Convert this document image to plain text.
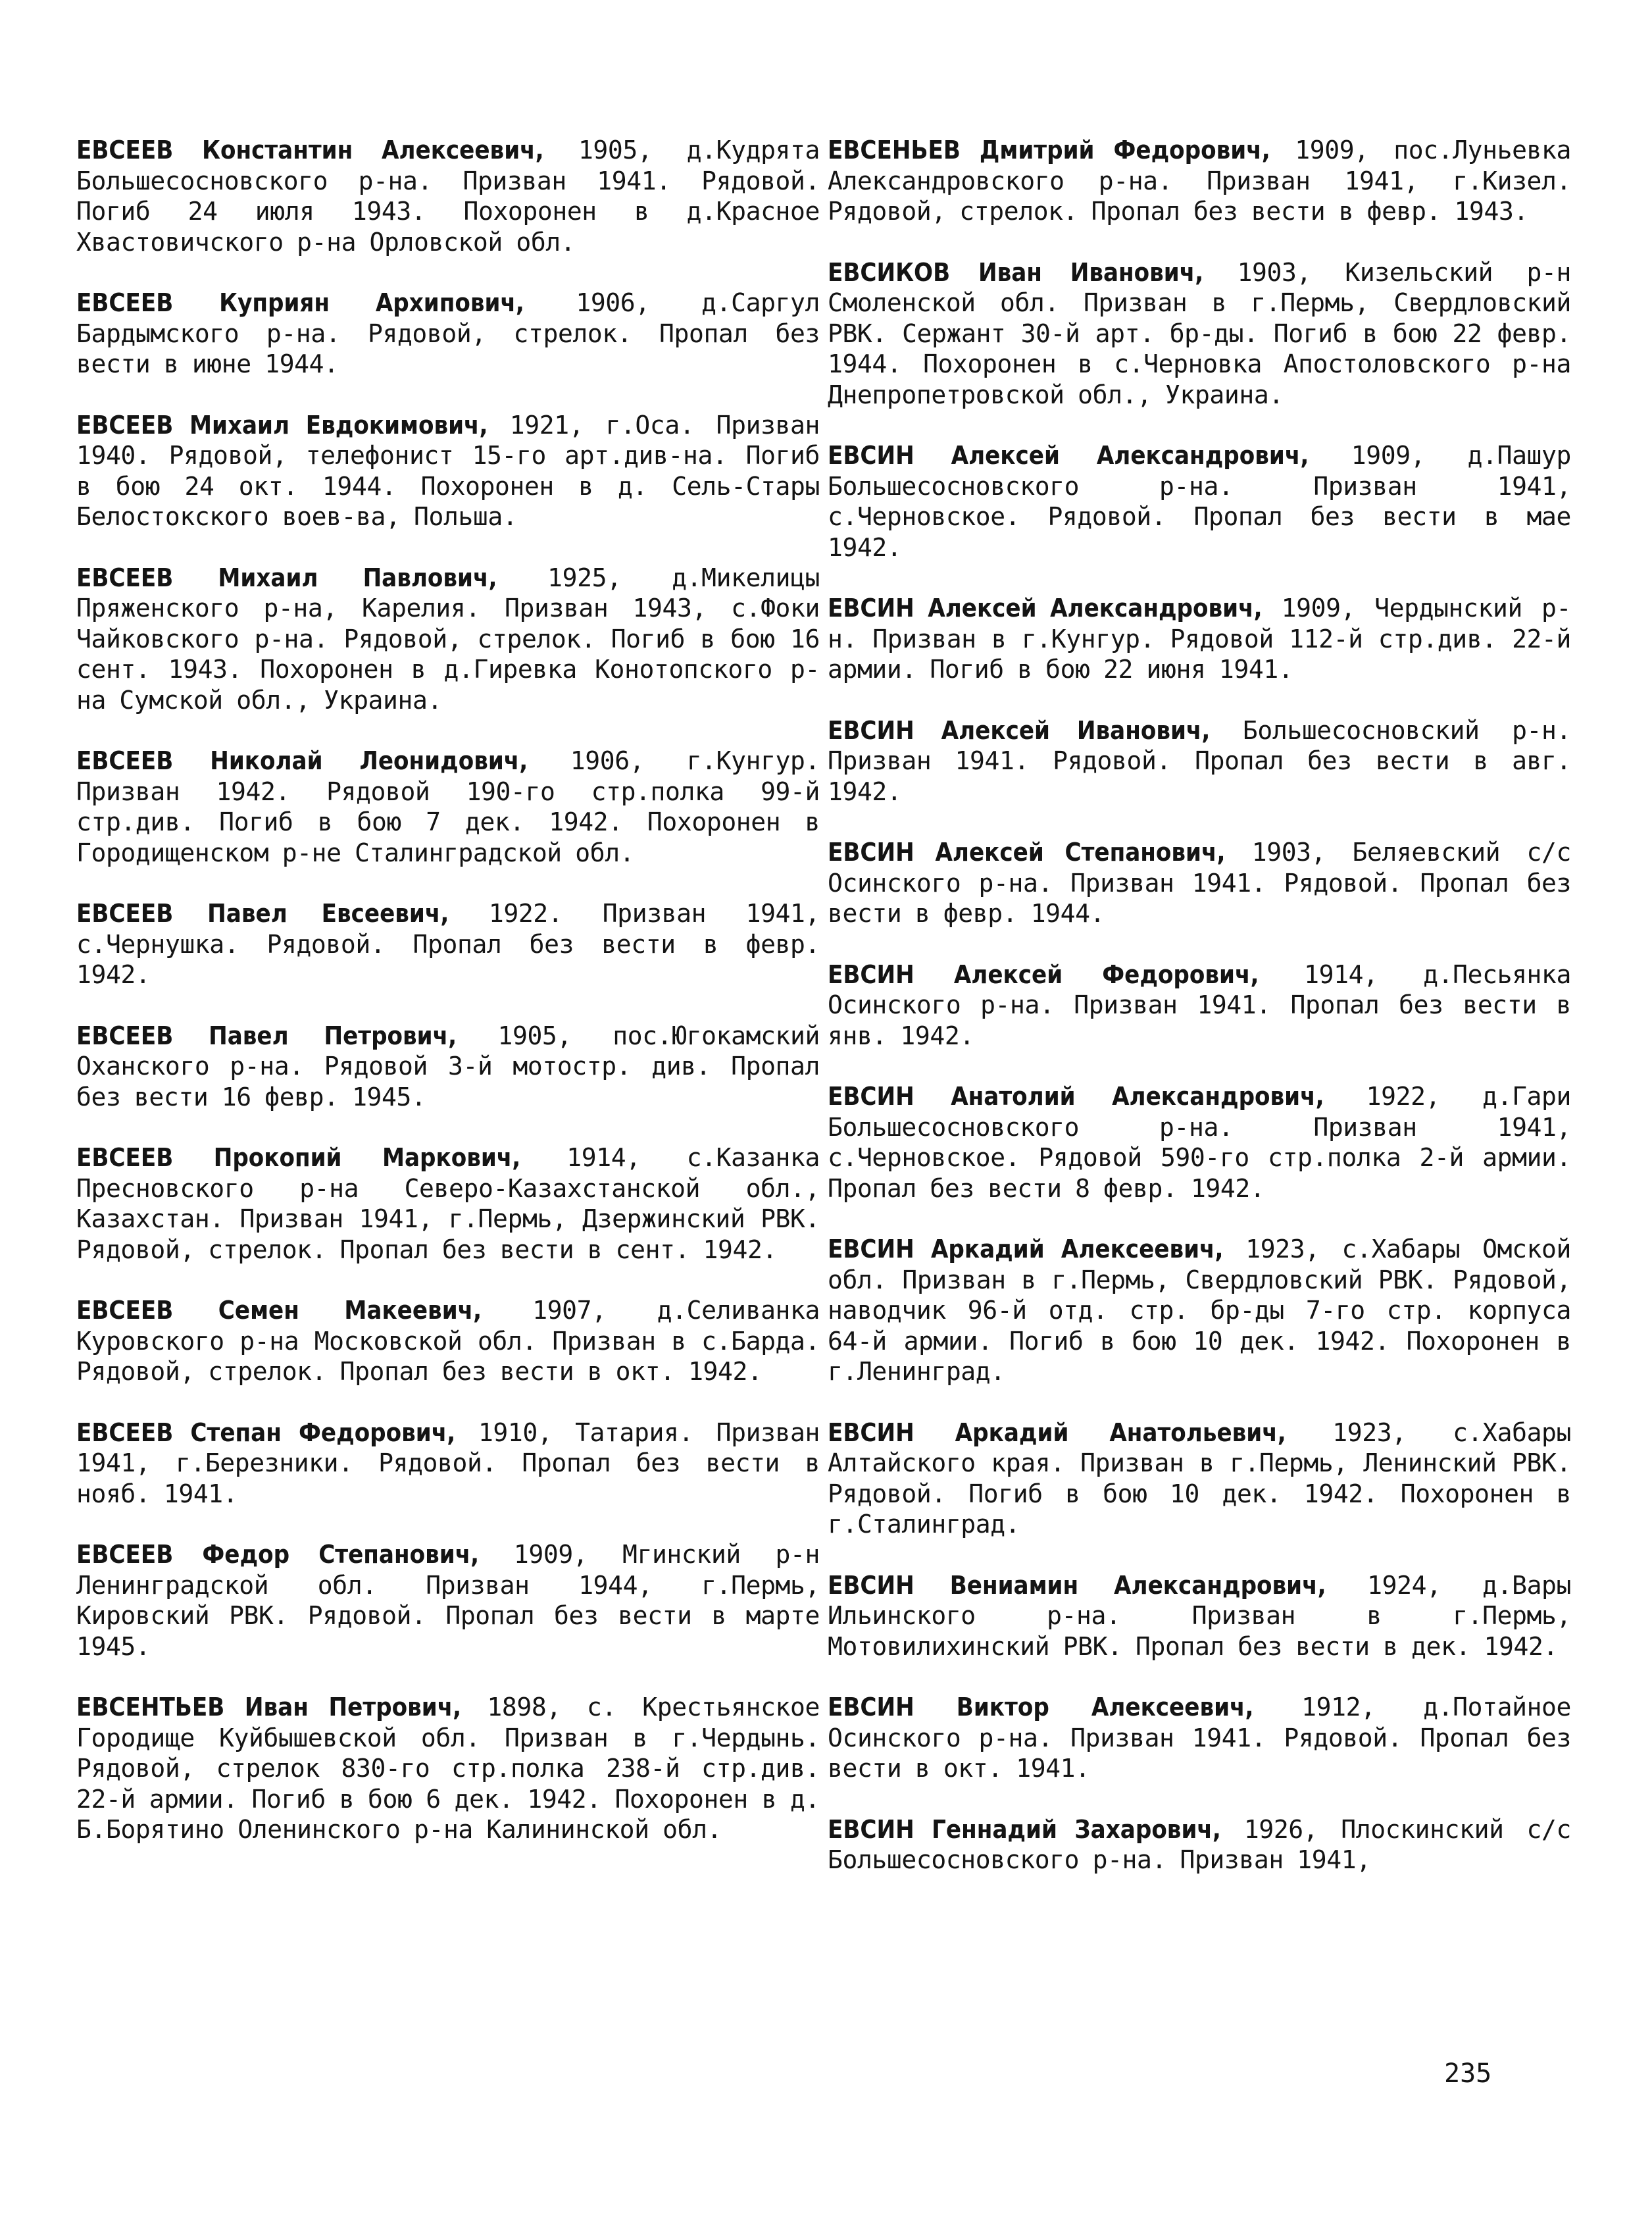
ЕВСЕЕВ Константин Алексеевич, 1905, д.Кудрята Большесосновского р-на. Призван 1941. Рядовой. Погиб 24 июля 1943. Похоронен в д.Красное Хвастовичского р-на Орловской обл.

ЕВСЕЕВ Куприян Архипович, 1906, д.Саргул Бардымского р-на. Рядовой, стрелок. Пропал без вести в июне 1944.

ЕВСЕЕВ Михаил Евдокимович, 1921, г.Оса. Призван 1940. Рядовой, телефонист 15-го арт.див-на. Погиб в бою 24 окт. 1944. Похоронен в д. Сель-Стары Белостокского воев-ва, Польша.

ЕВСЕЕВ Михаил Павлович, 1925, д.Микелицы Пряженского р-на, Карелия. Призван 1943, с.Фоки Чайковского р-на. Рядовой, стрелок. Погиб в бою 16 сент. 1943. Похоронен в д.Гиревка Конотопского р-на Сумской обл., Украина.

ЕВСЕЕВ Николай Леонидович, 1906, г.Кунгур. Призван 1942. Рядовой 190-го стр.полка 99-й стр.див. Погиб в бою 7 дек. 1942. Похоронен в Городищенском р-не Сталинградской обл.

ЕВСЕЕВ Павел Евсеевич, 1922. Призван 1941, с.Чернушка. Рядовой. Пропал без вести в февр. 1942.

ЕВСЕЕВ Павел Петрович, 1905, пос.Югокамский Оханского р-на. Рядовой 3-й мотостр. див. Пропал без вести 16 февр. 1945.

ЕВСЕЕВ Прокопий Маркович, 1914, с.Казанка Пресновского р-на Северо-Казахстанской обл., Казахстан. Призван 1941, г.Пермь, Дзержинский РВК. Рядовой, стрелок. Пропал без вести в сент. 1942.

ЕВСЕЕВ Семен Макеевич, 1907, д.Селиванка Куровского р-на Московской обл. Призван в с.Барда. Рядовой, стрелок. Пропал без вести в окт. 1942.

ЕВСЕЕВ Степан Федорович, 1910, Татария. Призван 1941, г.Березники. Рядовой. Пропал без вести в нояб. 1941.

ЕВСЕЕВ Федор Степанович, 1909, Мгинский р-н Ленинградской обл. Призван 1944, г.Пермь, Кировский РВК. Рядовой. Пропал без вести в марте 1945.

ЕВСЕНТЬЕВ Иван Петрович, 1898, с. Крестьянское Городище Куйбышевской обл. Призван в г.Чердынь. Рядовой, стрелок 830-го стр.полка 238-й стр.див. 22-й армии. Погиб в бою 6 дек. 1942. Похоронен в д. Б.Борятино Оленинского р-на Калининской обл.

ЕВСЕНЬЕВ Дмитрий Федорович, 1909, пос.Луньевка Александровского р-на. Призван 1941, г.Кизел. Рядовой, стрелок. Пропал без вести в февр. 1943.

ЕВСИКОВ Иван Иванович, 1903, Кизельский р-н Смоленской обл. Призван в г.Пермь, Свердловский РВК. Сержант 30-й арт. бр-ды. Погиб в бою 22 февр. 1944. Похоронен в с.Черновка Апостоловского р-на Днепропетровской обл., Украина.

ЕВСИН Алексей Александрович, 1909, д.Пашур Большесосновского р-на. Призван 1941, с.Черновское. Рядовой. Пропал без вести в мае 1942.

ЕВСИН Алексей Александрович, 1909, Чердынский р-н. Призван в г.Кунгур. Рядовой 112-й стр.див. 22-й армии. Погиб в бою 22 июня 1941.

ЕВСИН Алексей Иванович, Большесосновский р-н. Призван 1941. Рядовой. Пропал без вести в авг. 1942.

ЕВСИН Алексей Степанович, 1903, Беляевский с/с Осинского р-на. Призван 1941. Рядовой. Пропал без вести в февр. 1944.

ЕВСИН Алексей Федорович, 1914, д.Песьянка Осинского р-на. Призван 1941. Пропал без вести в янв. 1942.

ЕВСИН Анатолий Александрович, 1922, д.Гари Большесосновского р-на. Призван 1941, с.Черновское. Рядовой 590-го стр.полка 2-й армии. Пропал без вести 8 февр. 1942.

ЕВСИН Аркадий Алексеевич, 1923, с.Хабары Омской обл. Призван в г.Пермь, Свердловский РВК. Рядовой, наводчик 96-й отд. стр. бр-ды 7-го стр. корпуса 64-й армии. Погиб в бою 10 дек. 1942. Похоронен в г.Ленинград.

ЕВСИН Аркадий Анатольевич, 1923, с.Хабары Алтайского края. Призван в г.Пермь, Ленинский РВК. Рядовой. Погиб в бою 10 дек. 1942. Похоронен в г.Сталинград.

ЕВСИН Вениамин Александрович, 1924, д.Вары Ильинского р-на. Призван в г.Пермь, Мотовилихинский РВК. Пропал без вести в дек. 1942.

ЕВСИН Виктор Алексеевич, 1912, д.Потайное Осинского р-на. Призван 1941. Рядовой. Пропал без вести в окт. 1941.

ЕВСИН Геннадий Захарович, 1926, Плоскинский с/с Большесосновского р-на. Призван 1941,

235
